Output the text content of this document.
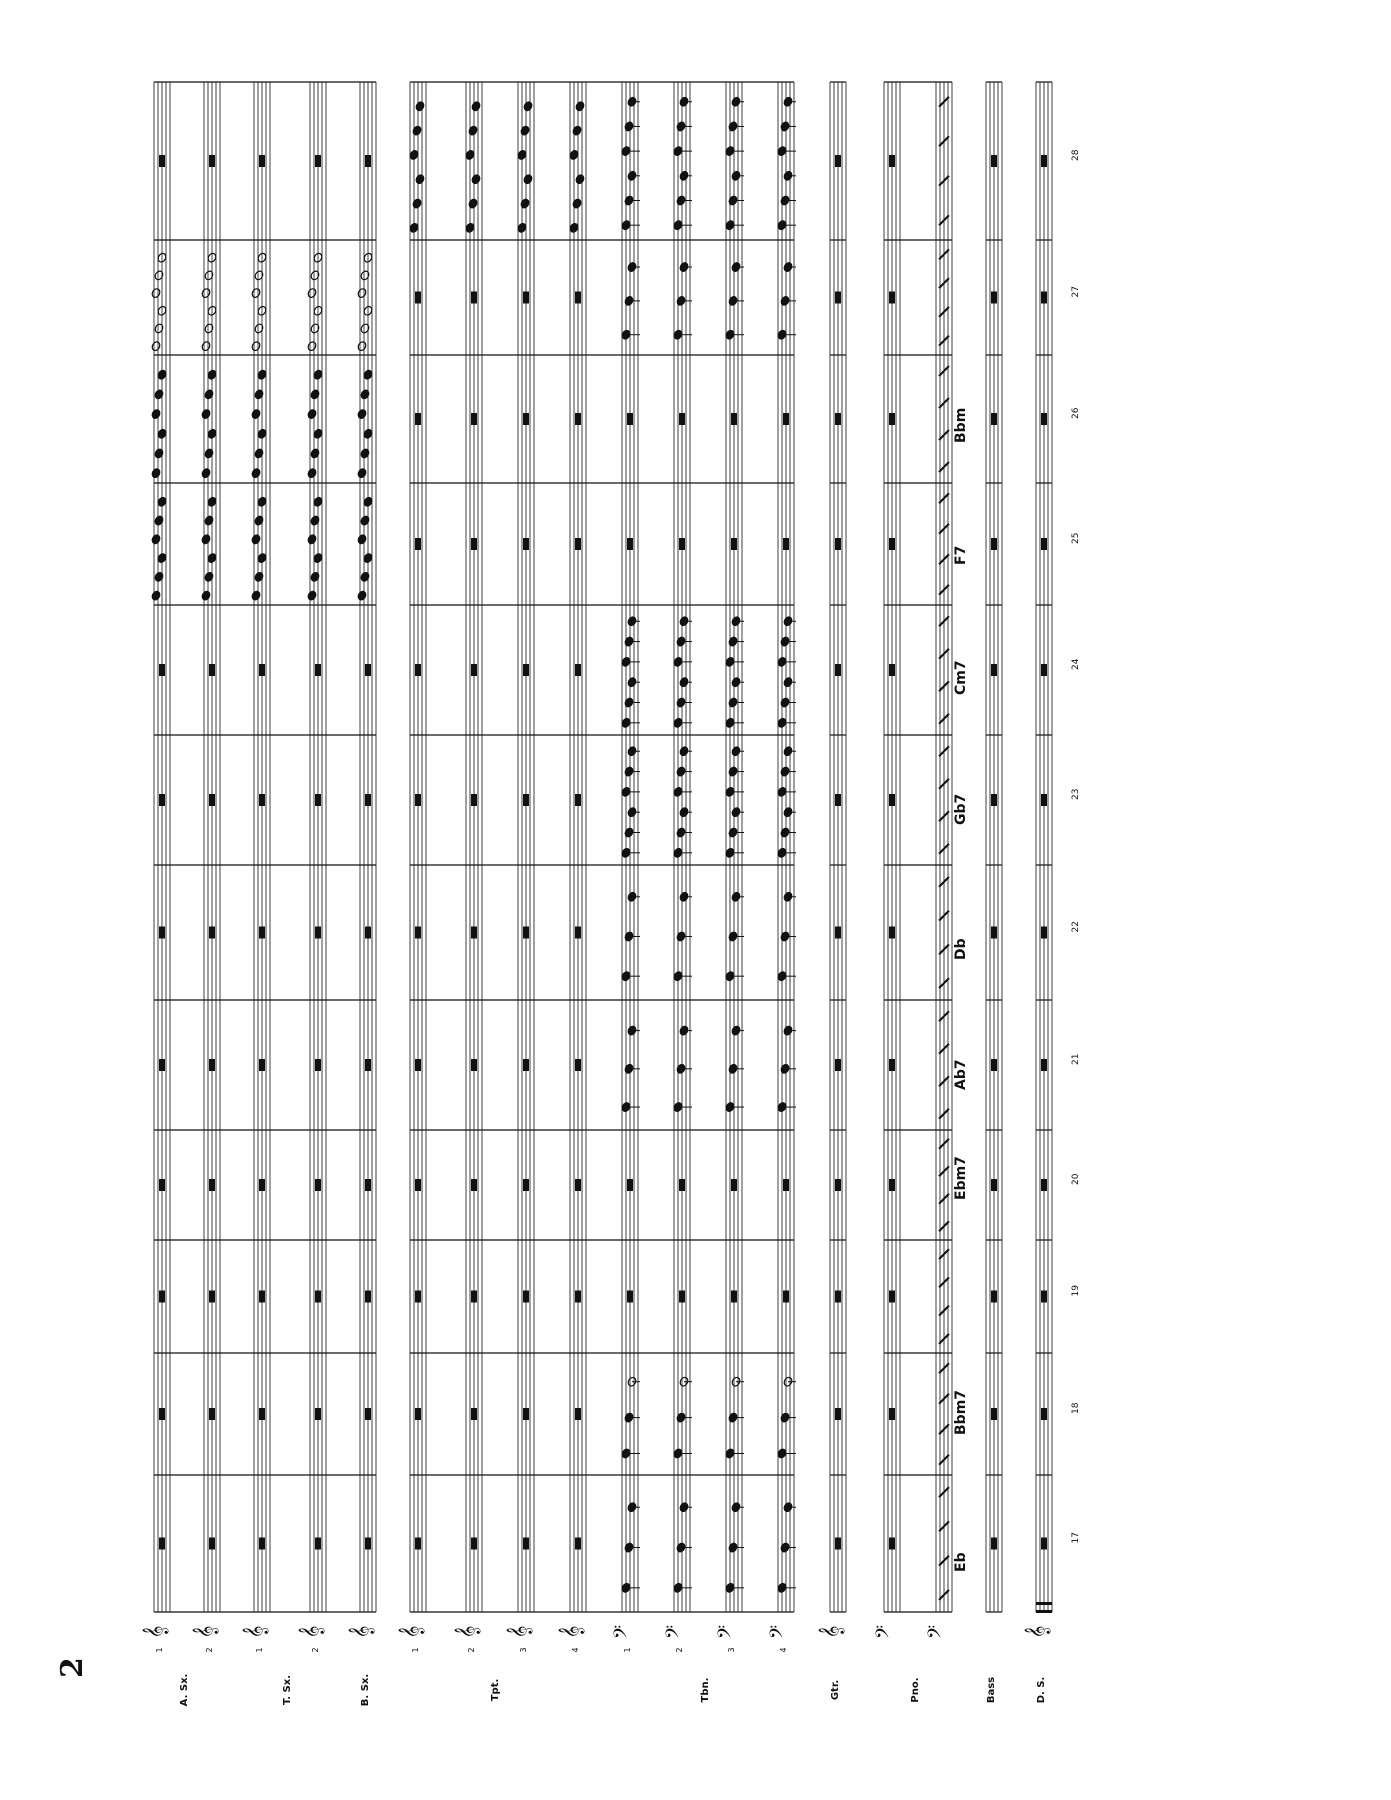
Eb
Bbm7
Ebm7
Ab7
Db
Gb7
Cm7
F7
Bbm
17
18
19
20
21
22
23
24
25
26
27
28
A. Sx.
1	2
T. Sx.
1	2
B. Sx.	Tpt.
1	2	3	4
Tbn.
1	2	3	4
Gtr.	Pno.	Bass	D. S.
𝄞 𝄞 𝄞 𝄞 𝄞 𝄞 𝄞 𝄞 𝄞 𝄢 𝄢 𝄢 𝄢 𝄞 𝄢 𝄢	𝄞
2
